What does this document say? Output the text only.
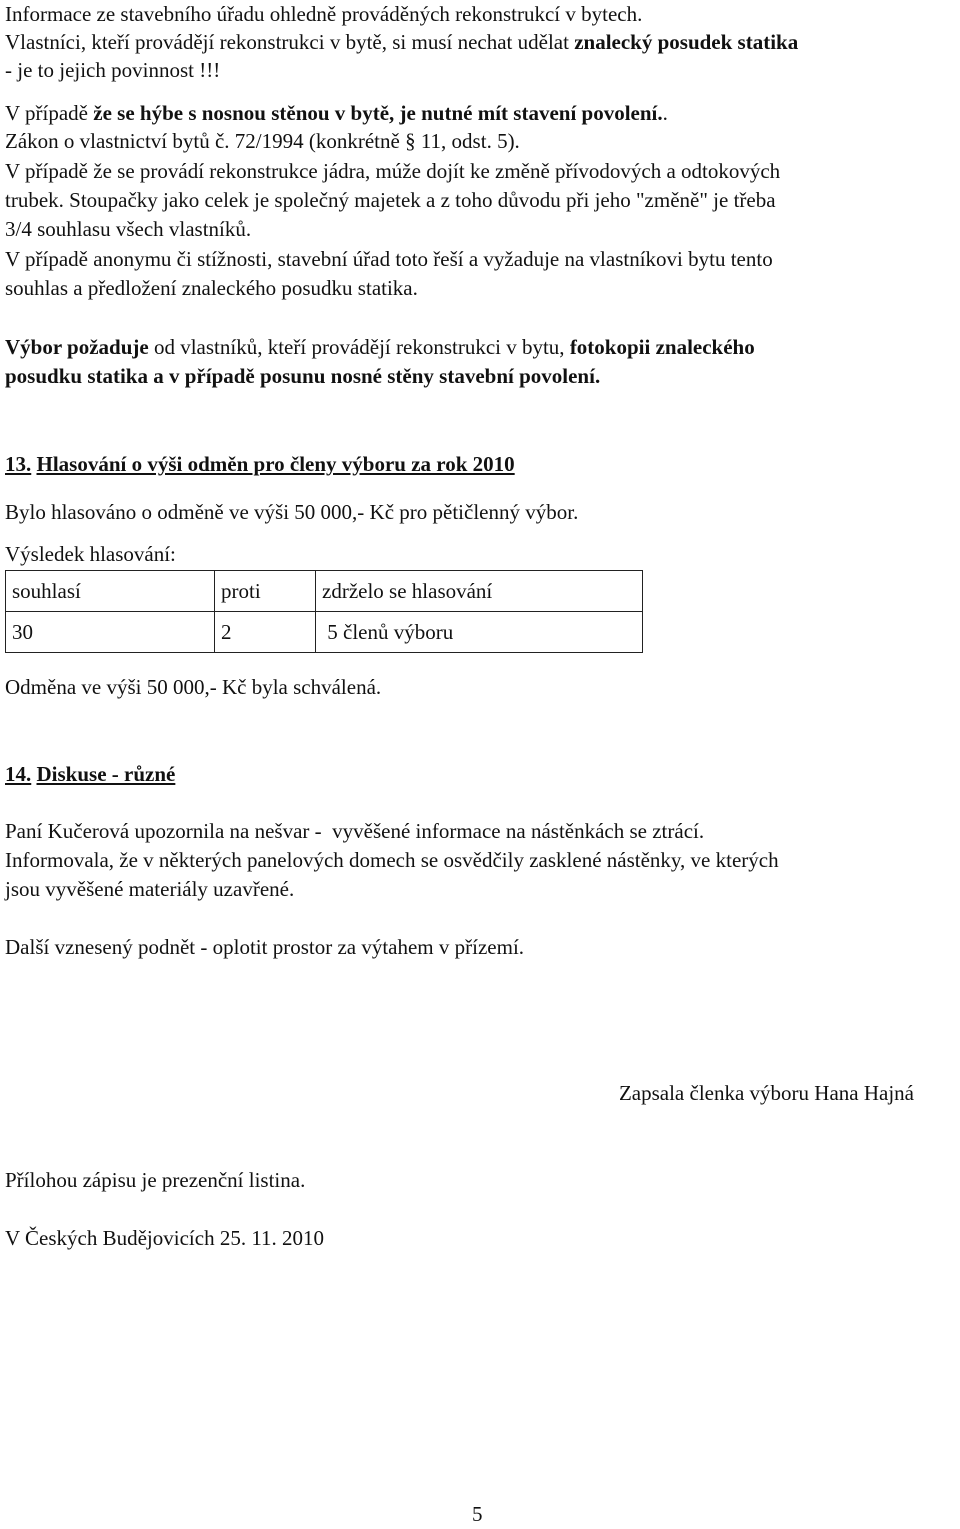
Informace ze stavebního úřadu ohledně prováděných rekonstrukcí v bytech.
Vlastníci, kteří provádějí rekonstrukci v bytě, si musí nechat udělat znalecký posudek statika
- je to jejich povinnost !!!
V případě že se hýbe s nosnou stěnou v bytě, je nutné mít stavení povolení..
Zákon o vlastnictví bytů č. 72/1994 (konkrétně § 11, odst. 5).
V případě že se provádí rekonstrukce jádra, múže dojít ke změně přívodových a odtokových
trubek. Stoupačky jako celek je společný majetek a z toho důvodu při jeho "změně" je třeba
3/4 souhlasu všech vlastníků.
V případě anonymu či stížnosti, stavební úřad toto řeší a vyžaduje na vlastníkovi bytu tento
souhlas a předložení znaleckého posudku statika.
Výbor požaduje od vlastníků, kteří provádějí rekonstrukci v bytu, fotokopii znaleckého
posudku statika a v případě posunu nosné stěny stavební povolení.
13. Hlasování o výši odměn pro členy výboru za rok 2010
Bylo hlasováno o odměně ve výši 50 000,- Kč pro pětičlenný výbor.
Výsledek hlasování:
souhlasí	proti	zdrželo se hlasování
30	2	5 členů výboru
Odměna ve výši 50 000,- Kč byla schválená.
14. Diskuse - různé
Paní Kučerová upozornila na nešvar -  vyvěšené informace na nástěnkách se ztrácí.
Informovala, že v některých panelových domech se osvědčily zasklené nástěnky, ve kterých
jsou vyvěšené materiály uzavřené.
Další vznesený podnět - oplotit prostor za výtahem v přízemí.
Zapsala členka výboru Hana Hajná
Přílohou zápisu je prezenční listina.
V Českých Budějovicích 25. 11. 2010
5
